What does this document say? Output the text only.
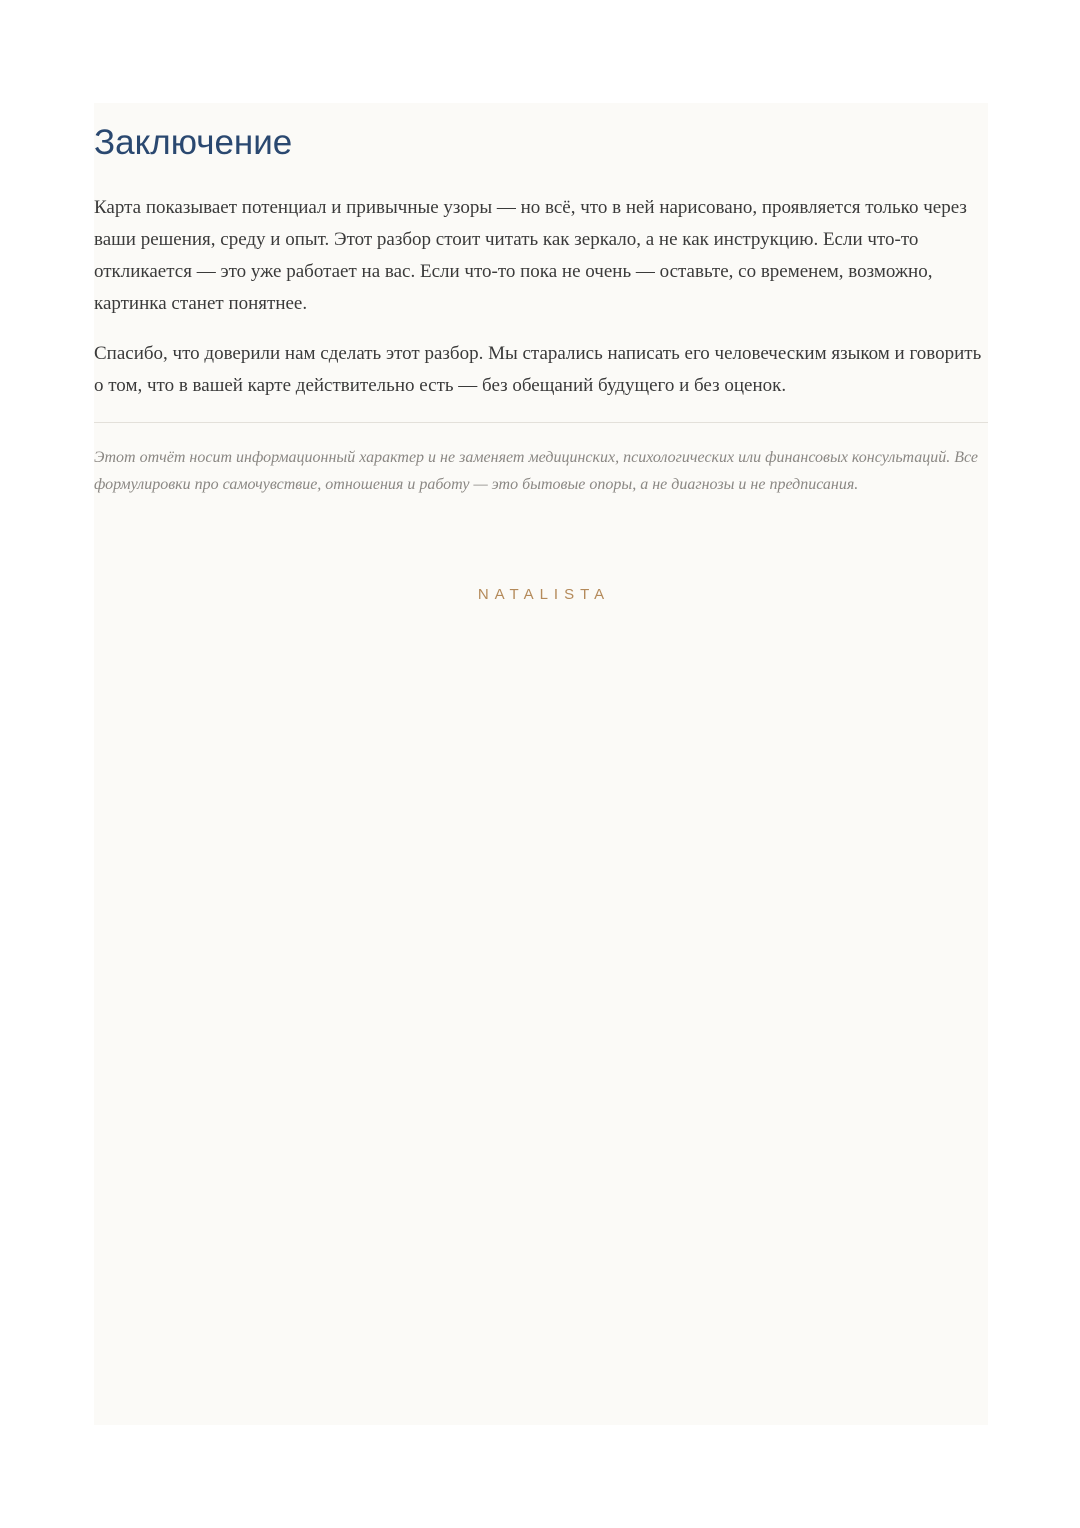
Заключение

Карта показывает потенциал и привычные узоры — но всё, что в ней нарисовано, проявляется только через ваши решения, среду и опыт. Этот разбор стоит читать как зеркало, а не как инструкцию. Если что-то откликается — это уже работает на вас. Если что-то пока не очень — оставьте, со временем, возможно, картинка станет понятнее.

Спасибо, что доверили нам сделать этот разбор. Мы старались написать его человеческим языком и говорить о том, что в вашей карте действительно есть — без обещаний будущего и без оценок.

Этот отчёт носит информационный характер и не заменяет медицинских, психологических или финансовых консультаций. Все формулировки про самочувствие, отношения и работу — это бытовые опоры, а не диагнозы и не предписания.

NATALISTA
